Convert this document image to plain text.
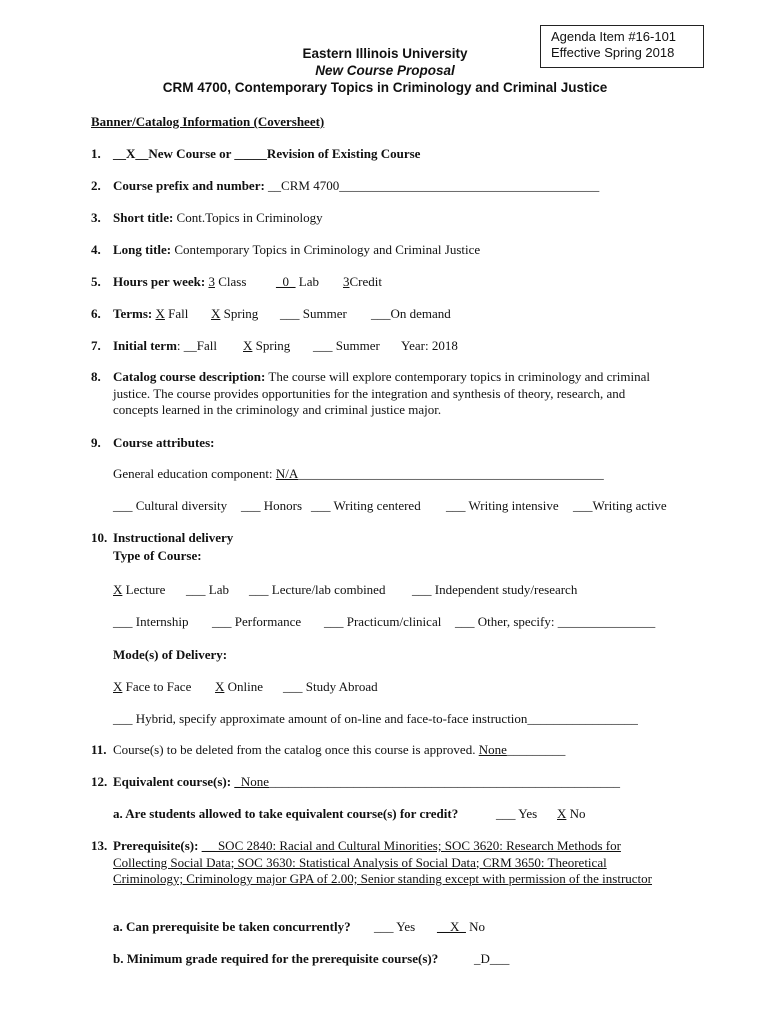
Agenda Item #16-101
Effective Spring 2018
Eastern Illinois University
New Course Proposal
CRM 4700, Contemporary Topics in Criminology and Criminal Justice
Banner/Catalog Information (Coversheet)
1. __X__New Course or _____Revision of Existing Course
2. Course prefix and number: __CRM 4700________________________________________
3. Short title: Cont.Topics in Criminology
4. Long title: Contemporary Topics in Criminology and Criminal Justice
5. Hours per week: 3 Class _0_ Lab 3Credit
6. Terms: X Fall X Spring ___ Summer ___On demand
7. Initial term: __Fall X Spring ___ Summer Year: 2018
8. Catalog course description: The course will explore contemporary topics in criminology and criminal justice. The course provides opportunities for the integration and synthesis of theory, research, and concepts learned in the criminology and criminal justice major.
9. Course attributes:
General education component: N/A_______________________________________________
___ Cultural diversity ___ Honors ___ Writing centered ___ Writing intensive ___Writing active
10. Instructional delivery
Type of Course:
X Lecture ___ Lab ___ Lecture/lab combined ___ Independent study/research
___ Internship ___ Performance ___ Practicum/clinical ___ Other, specify: _______________
Mode(s) of Delivery:
X Face to Face X Online ___ Study Abroad
___ Hybrid, specify approximate amount of on-line and face-to-face instruction_________________
11. Course(s) to be deleted from the catalog once this course is approved. None_________
12. Equivalent course(s): _None______________________________________________________
a. Are students allowed to take equivalent course(s) for credit?	___ Yes X No
13. Prerequisite(s): __ SOC 2840: Racial and Cultural Minorities; SOC 3620: Research Methods for Collecting Social Data; SOC 3630: Statistical Analysis of Social Data; CRM 3650: Theoretical Criminology; Criminology major GPA of 2.00; Senior standing except with permission of the instructor
a. Can prerequisite be taken concurrently? ___ Yes __X_ No
b. Minimum grade required for the prerequisite course(s)?	_D___
